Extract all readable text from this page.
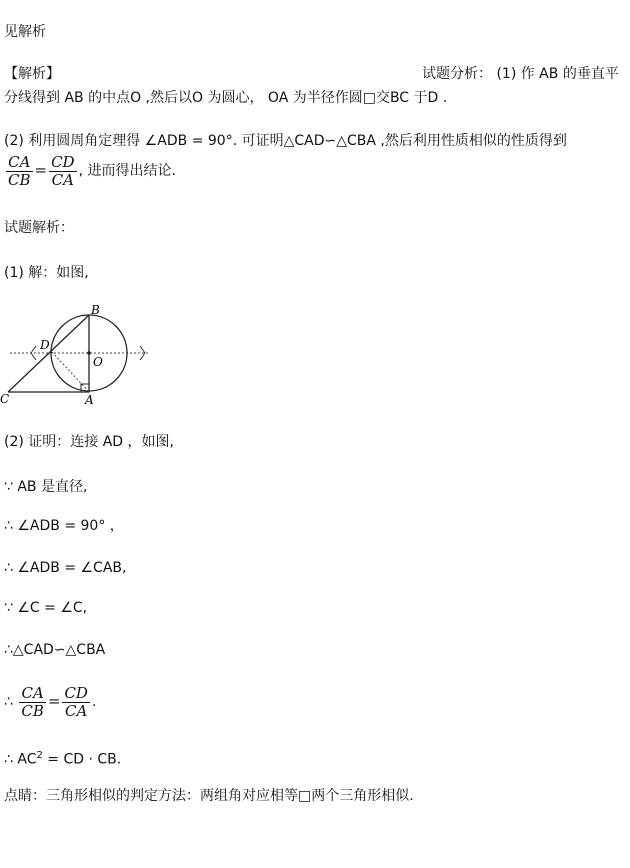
见解析
【解析】	试题分析： (1) 作 AB 的垂直平
分线得到 AB 的中点O ,然后以O 为圆心， OA 为半径作圆□交BC 于D .
(2) 利用圆周角定理得 ∠ADB = 90°. 可证明△CAD∽△CBA ,然后利用性质相似的性质得到
$\frac{CA}{CB} = \frac{CD}{CA}$ , 进而得出结论.
试题解析：
(1) 解：如图,
B
D
O
C	A
(2) 证明：连接 AD ，如图,
∵ AB 是直径,
∴ ∠ADB = 90° ，
∴ ∠ADB = ∠CAB,
∵ ∠C = ∠C,
∴△CAD∽△CBA
∴ $\frac{CA}{CB} = \frac{CD}{CA}$ .
∴ $AC^2$ = CD · CB.
点睛：三角形相似的判定方法：两组角对应相等□两个三角形相似.
